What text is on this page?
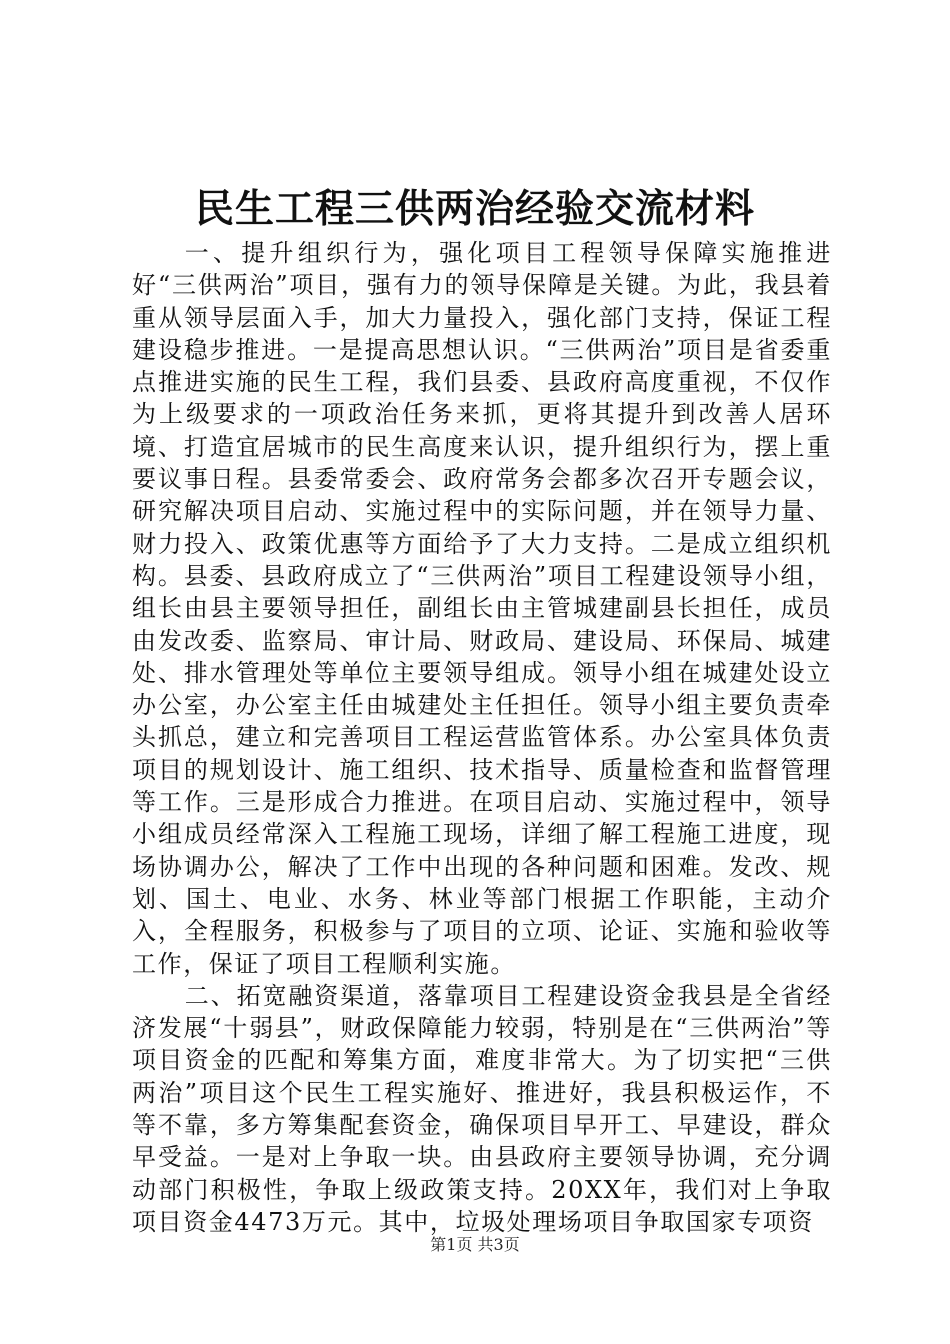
民生工程三供两治经验交流材料

一、提升组织行为，强化项目工程领导保障实施推进好“三供两治”项目，强有力的领导保障是关键。为此，我县着重从领导层面入手，加大力量投入，强化部门支持，保证工程建设稳步推进。一是提高思想认识。“三供两治”项目是省委重点推进实施的民生工程，我们县委、县政府高度重视，不仅作为上级要求的一项政治任务来抓，更将其提升到改善人居环境、打造宜居城市的民生高度来认识，提升组织行为，摆上重要议事日程。县委常委会、政府常务会都多次召开专题会议，研究解决项目启动、实施过程中的实际问题，并在领导力量、财力投入、政策优惠等方面给予了大力支持。二是成立组织机构。县委、县政府成立了“三供两治”项目工程建设领导小组，组长由县主要领导担任，副组长由主管城建副县长担任，成员由发改委、监察局、审计局、财政局、建设局、环保局、城建处、排水管理处等单位主要领导组成。领导小组在城建处设立办公室，办公室主任由城建处主任担任。领导小组主要负责牵头抓总，建立和完善项目工程运营监管体系。办公室具体负责项目的规划设计、施工组织、技术指导、质量检查和监督管理等工作。三是形成合力推进。在项目启动、实施过程中，领导小组成员经常深入工程施工现场，详细了解工程施工进度，现场协调办公，解决了工作中出现的各种问题和困难。发改、规划、国土、电业、水务、林业等部门根据工作职能，主动介入，全程服务，积极参与了项目的立项、论证、实施和验收等工作，保证了项目工程顺利实施。

二、拓宽融资渠道，落靠项目工程建设资金我县是全省经济发展“十弱县”，财政保障能力较弱，特别是在“三供两治”等项目资金的匹配和筹集方面，难度非常大。为了切实把“三供两治”项目这个民生工程实施好、推进好，我县积极运作，不等不靠，多方筹集配套资金，确保项目早开工、早建设，群众早受益。一是对上争取一块。由县政府主要领导协调，充分调动部门积极性，争取上级政策支持。20XX年，我们对上争取项目资金4473万元。其中，垃圾处理场项目争取国家专项资

第1页 共3页
